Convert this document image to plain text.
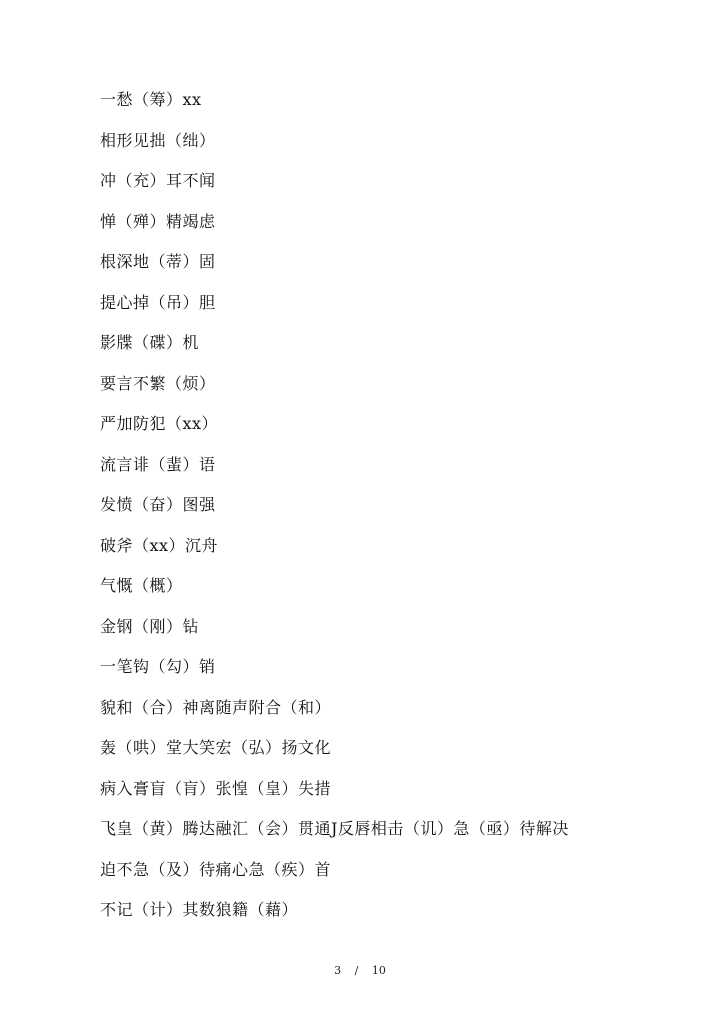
一愁（筹）xx
相形见拙（绌）
冲（充）耳不闻
惮（殚）精竭虑
根深地（蒂）固
提心掉（吊）胆
影牒（碟）机
要言不繁（烦）
严加防犯（xx）
流言诽（蜚）语
发愤（奋）图强
破斧（xx）沉舟
气慨（概）
金钢（刚）钻
一笔钩（勾）销
貌和（合）神离随声附合（和）
轰（哄）堂大笑宏（弘）扬文化
病入膏盲（肓）张惶（皇）失措
飞皇（黄）腾达融汇（会）贯通J反唇相击（讥）急（亟）待解决
迫不急（及）待痛心急（疾）首
不记（计）其数狼籍（藉）
3 / 10
